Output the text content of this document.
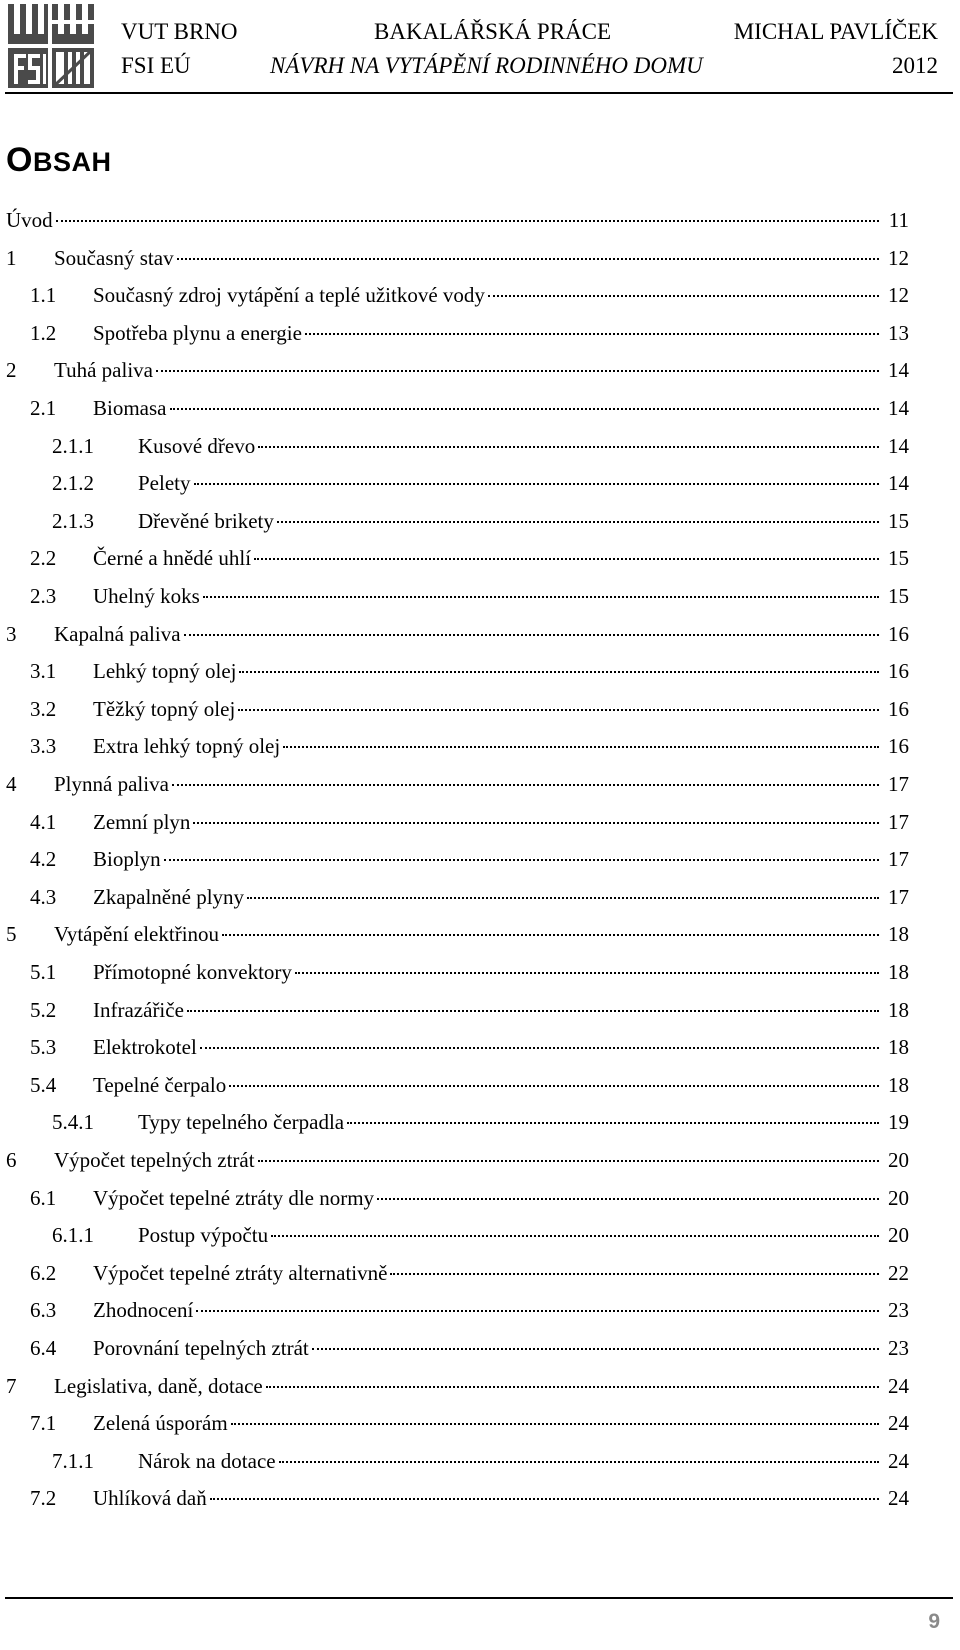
VUT BRNO
FSI EÚ
BAKALÁŘSKÁ PRÁCE
NÁVRH NA VYTÁPĚNÍ RODINNÉHO DOMU
MICHAL PAVLÍČEK
2012
OBSAH
Úvod	11
1	Současný stav	12
1.1	Současný zdroj vytápění a teplé užitkové vody	12
1.2	Spotřeba plynu a energie	13
2	Tuhá paliva	14
2.1	Biomasa	14
2.1.1	Kusové dřevo	14
2.1.2	Pelety	14
2.1.3	Dřevěné brikety	15
2.2	Černé a hnědé uhlí	15
2.3	Uhelný koks	15
3	Kapalná paliva	16
3.1	Lehký topný olej	16
3.2	Těžký topný olej	16
3.3	Extra lehký topný olej	16
4	Plynná paliva	17
4.1	Zemní plyn	17
4.2	Bioplyn	17
4.3	Zkapalněné plyny	17
5	Vytápění elektřinou	18
5.1	Přímotopné konvektory	18
5.2	Infrazářiče	18
5.3	Elektrokotel	18
5.4	Tepelné čerpalo	18
5.4.1	Typy tepelného čerpadla	19
6	Výpočet tepelných ztrát	20
6.1	Výpočet tepelné ztráty dle normy	20
6.1.1	Postup výpočtu	20
6.2	Výpočet tepelné ztráty alternativně	22
6.3	Zhodnocení	23
6.4	Porovnání tepelných ztrát	23
7	Legislativa, daně, dotace	24
7.1	Zelená úsporám	24
7.1.1	Nárok na dotace	24
7.2	Uhlíková daň	24
9
